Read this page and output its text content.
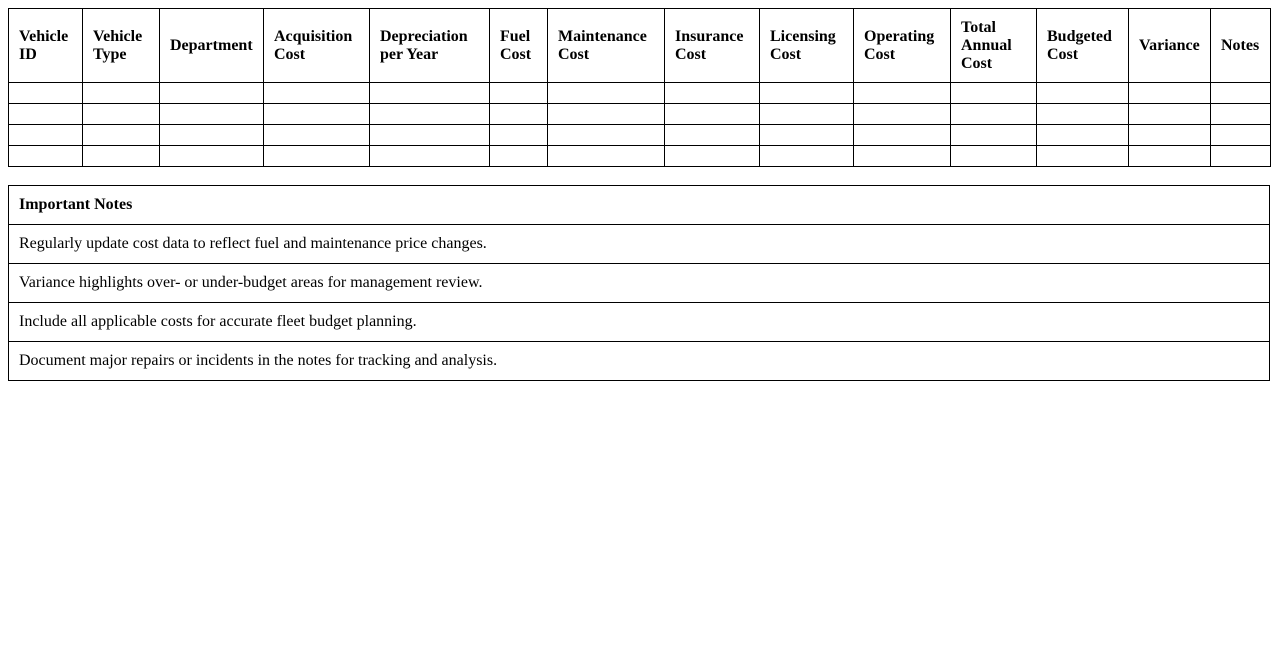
Vehicle ID	Vehicle Type	Department	Acquisition Cost	Depreciation per Year	Fuel Cost	Maintenance Cost	Insurance Cost	Licensing Cost	Operating Cost	Total Annual Cost	Budgeted Cost	Variance	Notes

Important Notes
Regularly update cost data to reflect fuel and maintenance price changes.
Variance highlights over- or under-budget areas for management review.
Include all applicable costs for accurate fleet budget planning.
Document major repairs or incidents in the notes for tracking and analysis.
